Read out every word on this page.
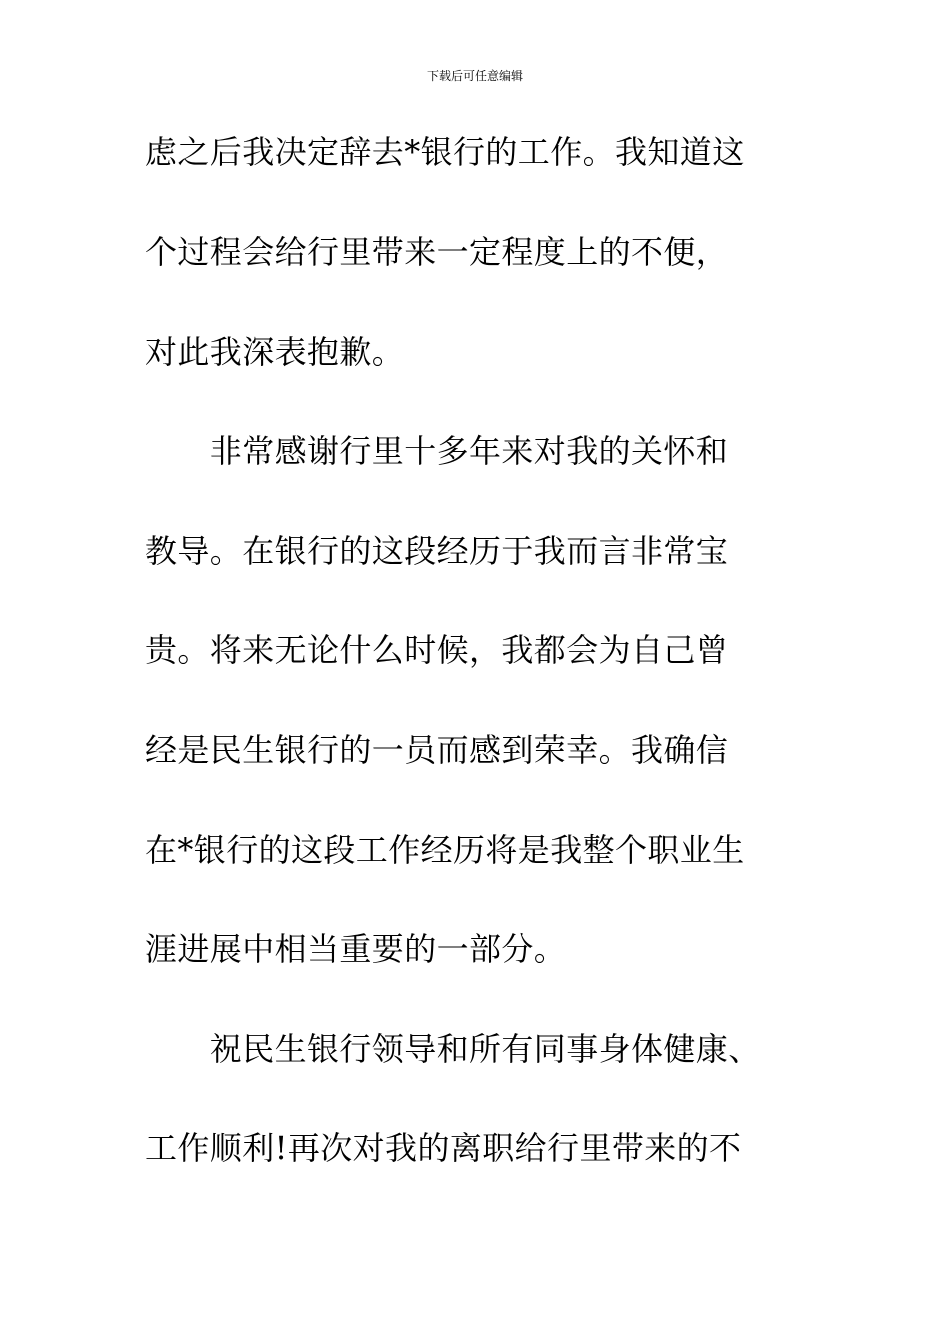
下载后可任意编辑
虑之后我决定辞去*银行的工作。我知道这
个过程会给行里带来一定程度上的不便，
对此我深表抱歉。
　　非常感谢行里十多年来对我的关怀和
教导。在银行的这段经历于我而言非常宝
贵。将来无论什么时候，我都会为自己曾
经是民生银行的一员而感到荣幸。我确信
在*银行的这段工作经历将是我整个职业生
涯进展中相当重要的一部分。
　　祝民生银行领导和所有同事身体健康、
工作顺利!再次对我的离职给行里带来的不
